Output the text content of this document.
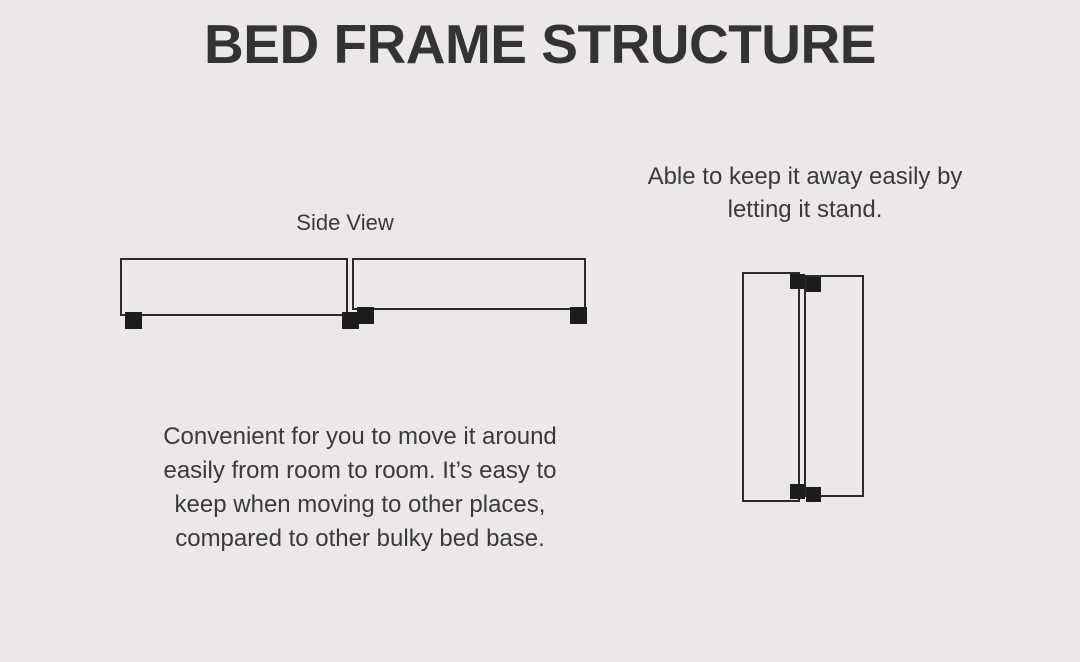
BED FRAME STRUCTURE
Side View
Convenient for you to move it around easily from room to room. It’s easy to keep when moving to other places, compared to other bulky bed base.
Able to keep it away easily by letting it stand.
